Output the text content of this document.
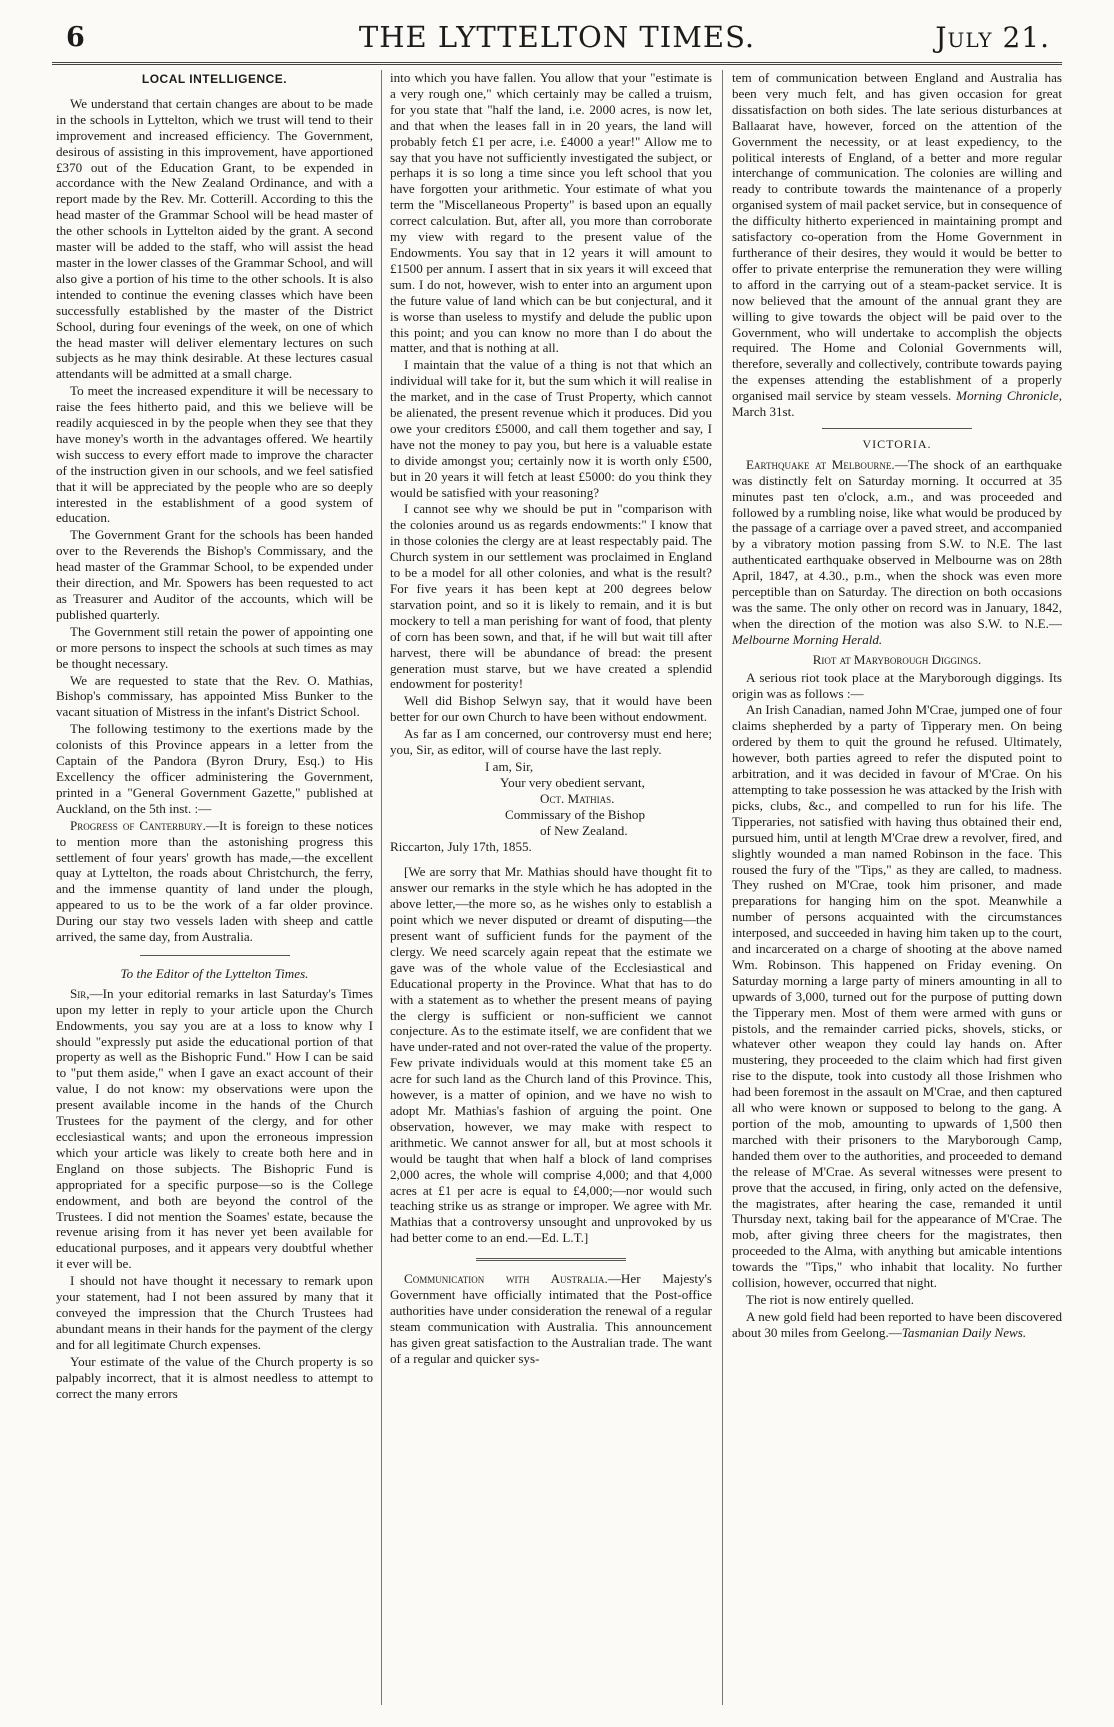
6	THE LYTTELTON TIMES.	July 21.
LOCAL INTELLIGENCE.

We understand that certain changes are about to be made in the schools in Lyttelton, which we trust will tend to their improvement and increased efficiency. The Government, desirous of assisting in this improvement, have apportioned £370 out of the Education Grant, to be expended in accordance with the New Zealand Ordinance, and with a report made by the Rev. Mr. Cotterill. According to this the head master of the Grammar School will be head master of the other schools in Lyttelton aided by the grant. A second master will be added to the staff, who will assist the head master in the lower classes of the Grammar School, and will also give a portion of his time to the other schools. It is also intended to continue the evening classes which have been successfully established by the master of the District School, during four evenings of the week, on one of which the head master will deliver elementary lectures on such subjects as he may think desirable. At these lectures casual attendants will be admitted at a small charge.

To meet the increased expenditure it will be necessary to raise the fees hitherto paid, and this we believe will be readily acquiesced in by the people when they see that they have money's worth in the advantages offered. We heartily wish success to every effort made to improve the character of the instruction given in our schools, and we feel satisfied that it will be appreciated by the people who are so deeply interested in the establishment of a good system of education.

The Government Grant for the schools has been handed over to the Reverends the Bishop's Commissary, and the head master of the Grammar School, to be expended under their direction, and Mr. Spowers has been requested to act as Treasurer and Auditor of the accounts, which will be published quarterly.

The Government still retain the power of appointing one or more persons to inspect the schools at such times as may be thought necessary.

We are requested to state that the Rev. O. Mathias, Bishop's commissary, has appointed Miss Bunker to the vacant situation of Mistress in the infant's District School.

The following testimony to the exertions made by the colonists of this Province appears in a letter from the Captain of the Pandora (Byron Drury, Esq.) to His Excellency the officer administering the Government, printed in a "General Government Gazette," published at Auckland, on the 5th inst. :—

Progress of Canterbury.—It is foreign to these notices to mention more than the astonishing progress this settlement of four years' growth has made,—the excellent quay at Lyttelton, the roads about Christchurch, the ferry, and the immense quantity of land under the plough, appeared to us to be the work of a far older province. During our stay two vessels laden with sheep and cattle arrived, the same day, from Australia.

To the Editor of the Lyttelton Times.

Sir,—In your editorial remarks in last Saturday's Times upon my letter in reply to your article upon the Church Endowments, you say you are at a loss to know why I should "expressly put aside the educational portion of that property as well as the Bishopric Fund." How I can be said to "put them aside," when I gave an exact account of their value, I do not know: my observations were upon the present available income in the hands of the Church Trustees for the payment of the clergy, and for other ecclesiastical wants; and upon the erroneous impression which your article was likely to create both here and in England on those subjects. The Bishopric Fund is appropriated for a specific purpose—so is the College endowment, and both are beyond the control of the Trustees. I did not mention the Soames' estate, because the revenue arising from it has never yet been available for educational purposes, and it appears very doubtful whether it ever will be.

I should not have thought it necessary to remark upon your statement, had I not been assured by many that it conveyed the impression that the Church Trustees had abundant means in their hands for the payment of the clergy and for all legitimate Church expenses.

Your estimate of the value of the Church property is so palpably incorrect, that it is almost needless to attempt to correct the many errors

into which you have fallen. You allow that your "estimate is a very rough one," which certainly may be called a truism, for you state that "half the land, i.e. 2000 acres, is now let, and that when the leases fall in in 20 years, the land will probably fetch £1 per acre, i.e. £4000 a year!" Allow me to say that you have not sufficiently investigated the subject, or perhaps it is so long a time since you left school that you have forgotten your arithmetic. Your estimate of what you term the "Miscellaneous Property" is based upon an equally correct calculation. But, after all, you more than corroborate my view with regard to the present value of the Endowments. You say that in 12 years it will amount to £1500 per annum. I assert that in six years it will exceed that sum. I do not, however, wish to enter into an argument upon the future value of land which can be but conjectural, and it is worse than useless to mystify and delude the public upon this point; and you can know no more than I do about the matter, and that is nothing at all.

I maintain that the value of a thing is not that which an individual will take for it, but the sum which it will realise in the market, and in the case of Trust Property, which cannot be alienated, the present revenue which it produces. Did you owe your creditors £5000, and call them together and say, I have not the money to pay you, but here is a valuable estate to divide amongst you; certainly now it is worth only £500, but in 20 years it will fetch at least £5000: do you think they would be satisfied with your reasoning?

I cannot see why we should be put in "comparison with the colonies around us as regards endowments:" I know that in those colonies the clergy are at least respectably paid. The Church system in our settlement was proclaimed in England to be a model for all other colonies, and what is the result? For five years it has been kept at 200 degrees below starvation point, and so it is likely to remain, and it is but mockery to tell a man perishing for want of food, that plenty of corn has been sown, and that, if he will but wait till after harvest, there will be abundance of bread: the present generation must starve, but we have created a splendid endowment for posterity!

Well did Bishop Selwyn say, that it would have been better for our own Church to have been without endowment.

As far as I am concerned, our controversy must end here; you, Sir, as editor, will of course have the last reply.

I am, Sir,
Your very obedient servant,
Oct. Mathias.
Commissary of the Bishop
of New Zealand.
Riccarton, July 17th, 1855.

[We are sorry that Mr. Mathias should have thought fit to answer our remarks in the style which he has adopted in the above letter,—the more so, as he wishes only to establish a point which we never disputed or dreamt of disputing—the present want of sufficient funds for the payment of the clergy. We need scarcely again repeat that the estimate we gave was of the whole value of the Ecclesiastical and Educational property in the Province. What that has to do with a statement as to whether the present means of paying the clergy is sufficient or non-sufficient we cannot conjecture. As to the estimate itself, we are confident that we have under-rated and not over-rated the value of the property. Few private individuals would at this moment take £5 an acre for such land as the Church land of this Province. This, however, is a matter of opinion, and we have no wish to adopt Mr. Mathias's fashion of arguing the point. One observation, however, we may make with respect to arithmetic. We cannot answer for all, but at most schools it would be taught that when half a block of land comprises 2,000 acres, the whole will comprise 4,000; and that 4,000 acres at £1 per acre is equal to £4,000;—nor would such teaching strike us as strange or improper. We agree with Mr. Mathias that a controversy unsought and unprovoked by us had better come to an end.—Ed. L.T.]

Communication with Australia.—Her Majesty's Government have officially intimated that the Post-office authorities have under consideration the renewal of a regular steam communication with Australia. This announcement has given great satisfaction to the Australian trade. The want of a regular and quicker sys-

tem of communication between England and Australia has been very much felt, and has given occasion for great dissatisfaction on both sides. The late serious disturbances at Ballaarat have, however, forced on the attention of the Government the necessity, or at least expediency, to the political interests of England, of a better and more regular interchange of communication. The colonies are willing and ready to contribute towards the maintenance of a properly organised system of mail packet service, but in consequence of the difficulty hitherto experienced in maintaining prompt and satisfactory co-operation from the Home Government in furtherance of their desires, they would it would be better to offer to private enterprise the remuneration they were willing to afford in the carrying out of a steam-packet service. It is now believed that the amount of the annual grant they are willing to give towards the object will be paid over to the Government, who will undertake to accomplish the objects required. The Home and Colonial Governments will, therefore, severally and collectively, contribute towards paying the expenses attending the establishment of a properly organised mail service by steam vessels. Morning Chronicle, March 31st.

VICTORIA.

Earthquake at Melbourne.—The shock of an earthquake was distinctly felt on Saturday morning. It occurred at 35 minutes past ten o'clock, a.m., and was proceeded and followed by a rumbling noise, like what would be produced by the passage of a carriage over a paved street, and accompanied by a vibratory motion passing from S.W. to N.E. The last authenticated earthquake observed in Melbourne was on 28th April, 1847, at 4.30., p.m., when the shock was even more perceptible than on Saturday. The direction on both occasions was the same. The only other on record was in January, 1842, when the direction of the motion was also S.W. to N.E.—Melbourne Morning Herald.

Riot at Maryborough Diggings.

A serious riot took place at the Maryborough diggings. Its origin was as follows :—

An Irish Canadian, named John M'Crae, jumped one of four claims shepherded by a party of Tipperary men. On being ordered by them to quit the ground he refused. Ultimately, however, both parties agreed to refer the disputed point to arbitration, and it was decided in favour of M'Crae. On his attempting to take possession he was attacked by the Irish with picks, clubs, &c., and compelled to run for his life. The Tipperaries, not satisfied with having thus obtained their end, pursued him, until at length M'Crae drew a revolver, fired, and slightly wounded a man named Robinson in the face. This roused the fury of the "Tips," as they are called, to madness. They rushed on M'Crae, took him prisoner, and made preparations for hanging him on the spot. Meanwhile a number of persons acquainted with the circumstances interposed, and succeeded in having him taken up to the court, and incarcerated on a charge of shooting at the above named Wm. Robinson. This happened on Friday evening. On Saturday morning a large party of miners amounting in all to upwards of 3,000, turned out for the purpose of putting down the Tipperary men. Most of them were armed with guns or pistols, and the remainder carried picks, shovels, sticks, or whatever other weapon they could lay hands on. After mustering, they proceeded to the claim which had first given rise to the dispute, took into custody all those Irishmen who had been foremost in the assault on M'Crae, and then captured all who were known or supposed to belong to the gang. A portion of the mob, amounting to upwards of 1,500 then marched with their prisoners to the Maryborough Camp, handed them over to the authorities, and proceeded to demand the release of M'Crae. As several witnesses were present to prove that the accused, in firing, only acted on the defensive, the magistrates, after hearing the case, remanded it until Thursday next, taking bail for the appearance of M'Crae. The mob, after giving three cheers for the magistrates, then proceeded to the Alma, with anything but amicable intentions towards the "Tips," who inhabit that locality. No further collision, however, occurred that night.

The riot is now entirely quelled.

A new gold field had been reported to have been discovered about 30 miles from Geelong.—Tasmanian Daily News.
